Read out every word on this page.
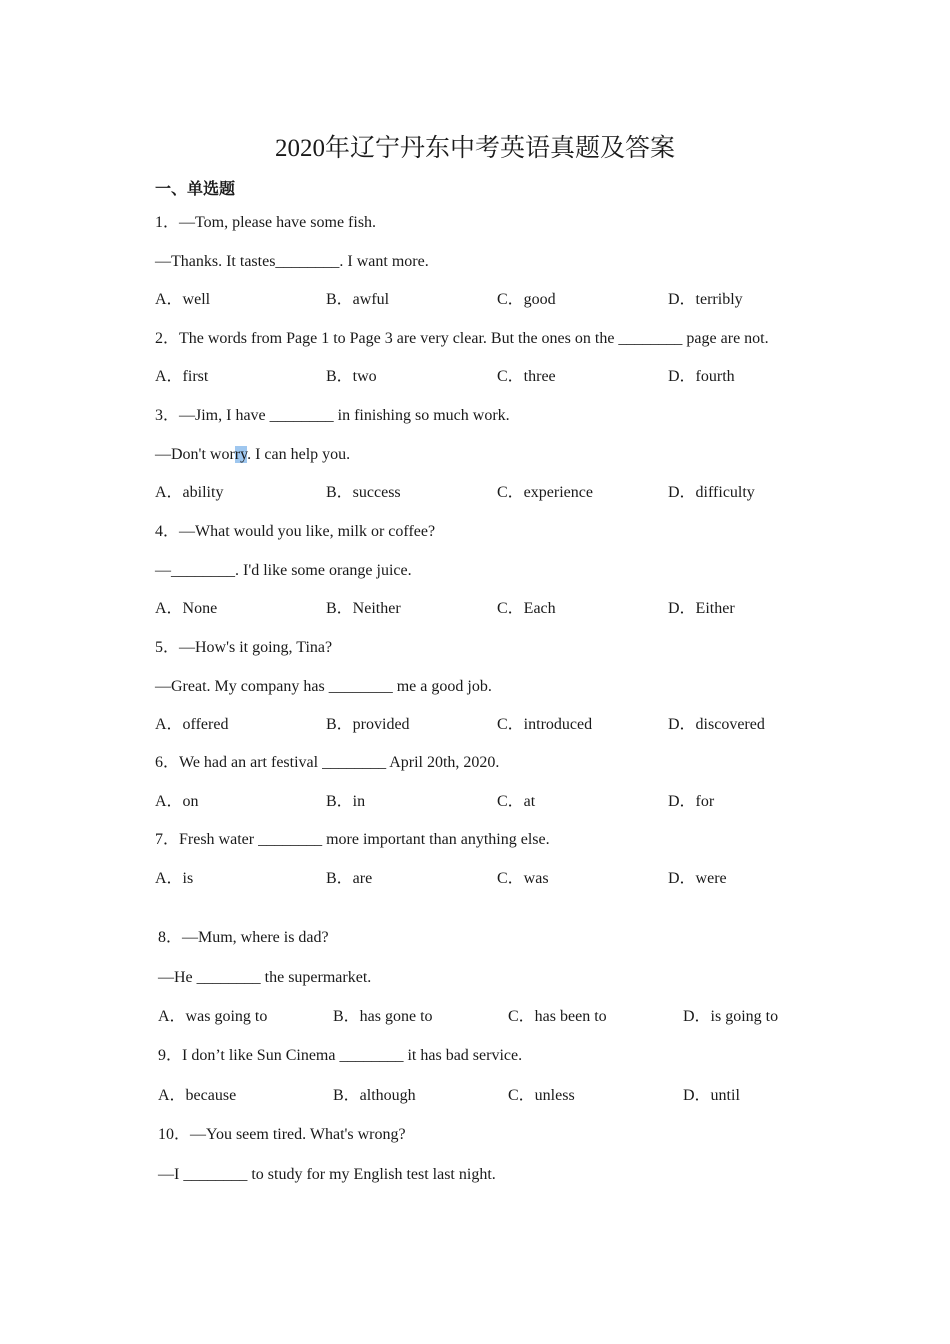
2020年辽宁丹东中考英语真题及答案
一、单选题
1．—Tom, please have some fish.
—Thanks. It tastes________. I want more.
A．well	B．awful	C．good	D．terribly
2．The words from Page 1 to Page 3 are very clear. But the ones on the ________ page are not.
A．first	B．two	C．three	D．fourth
3．—Jim, I have ________ in finishing so much work.
—Don't worry. I can help you.
A．ability	B．success	C．experience	D．difficulty
4．—What would you like, milk or coffee?
—________. I'd like some orange juice.
A．None	B．Neither	C．Each	D．Either
5．—How's it going, Tina?
—Great. My company has ________ me a good job.
A．offered	B．provided	C．introduced	D．discovered
6．We had an art festival ________ April 20th, 2020.
A．on	B．in	C．at	D．for
7．Fresh water ________ more important than anything else.
A．is	B．are	C．was	D．were
8．—Mum, where is dad?
—He ________ the supermarket.
A．was going to	B．has gone to	C．has been to	D．is going to
9．I don’t like Sun Cinema ________ it has bad service.
A．because	B．although	C．unless	D．until
10．—You seem tired. What's wrong?
—I ________ to study for my English test last night.
